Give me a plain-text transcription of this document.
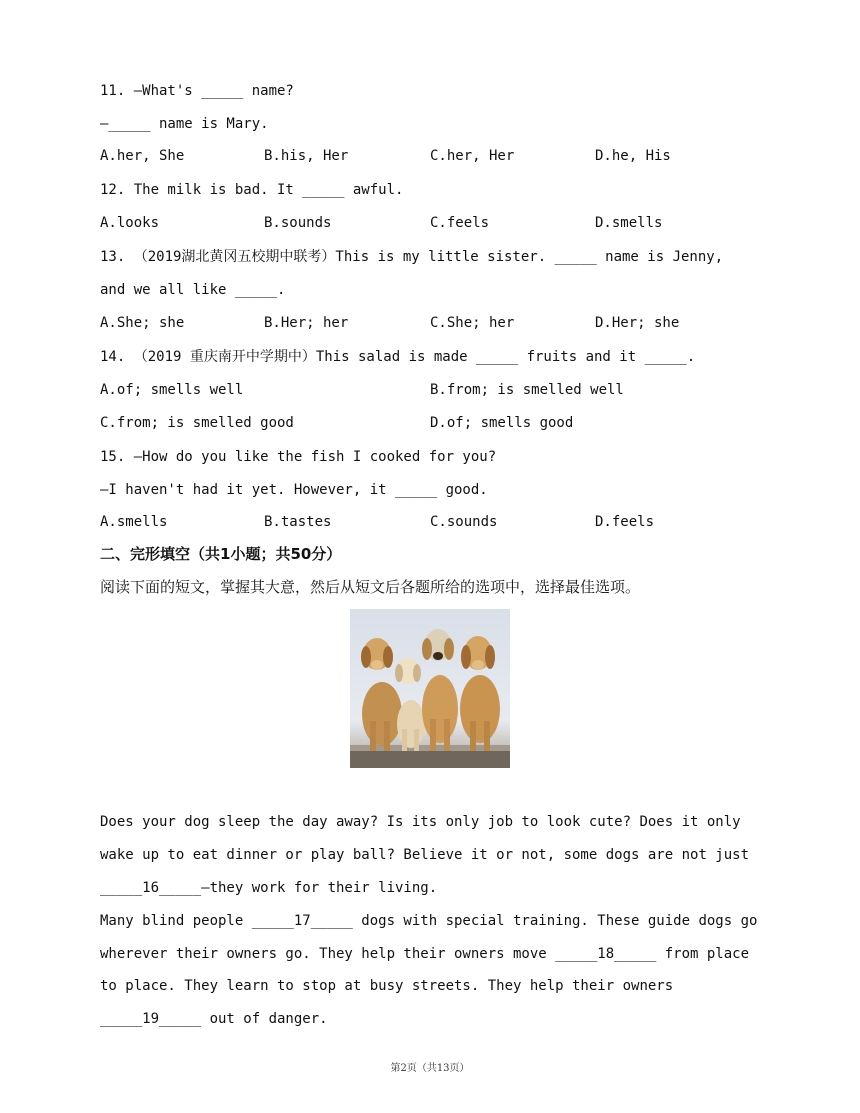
11. —What's _____ name?
—_____ name is Mary.
A.her, She	B.his, Her	C.her, Her	D.he, His
12. The milk is bad. It _____ awful.
A.looks	B.sounds	C.feels	D.smells
13. （2019湖北黄冈五校期中联考）This is my little sister. _____ name is Jenny,
and we all like _____.
A.She; she	B.Her; her	C.She; her	D.Her; she
14. （2019 重庆南开中学期中）This salad is made _____ fruits and it _____.
A.of; smells well	B.from; is smelled well
C.from; is smelled good	D.of; smells good
15. —How do you like the fish I cooked for you?
—I haven't had it yet. However, it _____ good.
A.smells	B.tastes	C.sounds	D.feels
二、完形填空（共1小题；共50分）
阅读下面的短文，掌握其大意，然后从短文后各题所给的选项中，选择最佳选项。
Does your dog sleep the day away? Is its only job to look cute? Does it only
wake up to eat dinner or play ball? Believe it or not, some dogs are not just
_____16_____—they work for their living.
Many blind people _____17_____ dogs with special training. These guide dogs go
wherever their owners go. They help their owners move _____18_____ from place
to place. They learn to stop at busy streets. They help their owners
_____19_____ out of danger.
第2页（共13页）
